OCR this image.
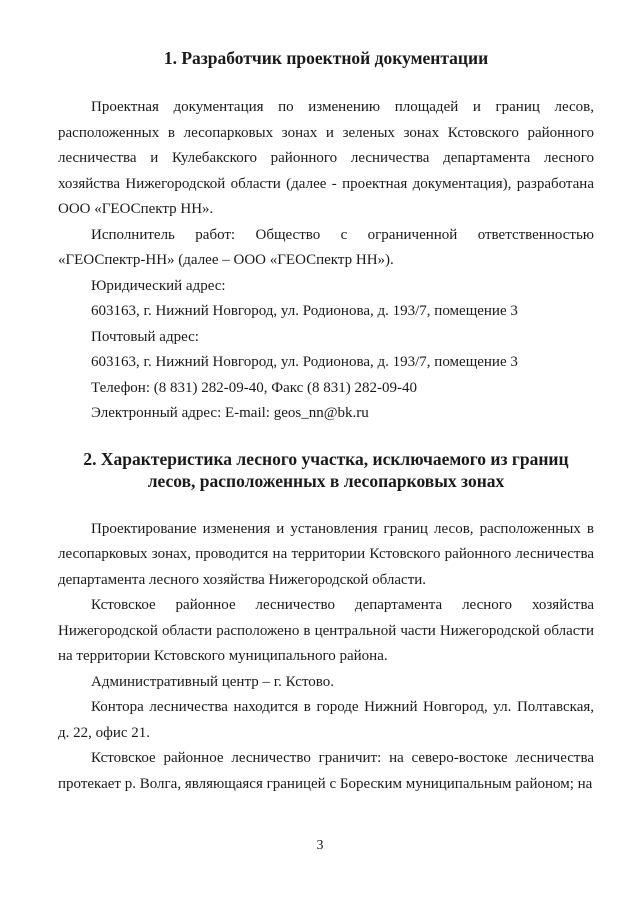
1. Разработчик проектной документации

Проектная документация по изменению площадей и границ лесов, расположенных в лесопарковых зонах и зеленых зонах Кстовского районного лесничества и Кулебакского районного лесничества департамента лесного хозяйства Нижегородской области (далее - проектная документация), разработана ООО «ГЕОСпектр НН».

Исполнитель работ: Общество с ограниченной ответственностью «ГЕОСпектр-НН» (далее – ООО «ГЕОСпектр НН»).

Юридический адрес:

603163, г. Нижний Новгород, ул. Родионова, д. 193/7, помещение 3

Почтовый адрес:

603163, г. Нижний Новгород, ул. Родионова, д. 193/7, помещение 3

Телефон: (8 831) 282-09-40, Факс (8 831) 282-09-40

Электронный адрес: E-mail: geos_nn@bk.ru

2. Характеристика лесного участка, исключаемого из границ
лесов, расположенных в лесопарковых зонах

Проектирование изменения и установления границ лесов, расположенных в лесопарковых зонах, проводится на территории Кстовского районного лесничества департамента лесного хозяйства Нижегородской области.

Кстовское районное лесничество департамента лесного хозяйства Нижегородской области расположено в центральной части Нижегородской области на территории Кстовского муниципального района.

Административный центр – г. Кстово.

Контора лесничества находится в городе Нижний Новгород, ул. Полтавская, д. 22, офис 21.

Кстовское районное лесничество граничит: на северо-востоке лесничества протекает р. Волга, являющаяся границей с Бореским муниципальным районом; на

3
